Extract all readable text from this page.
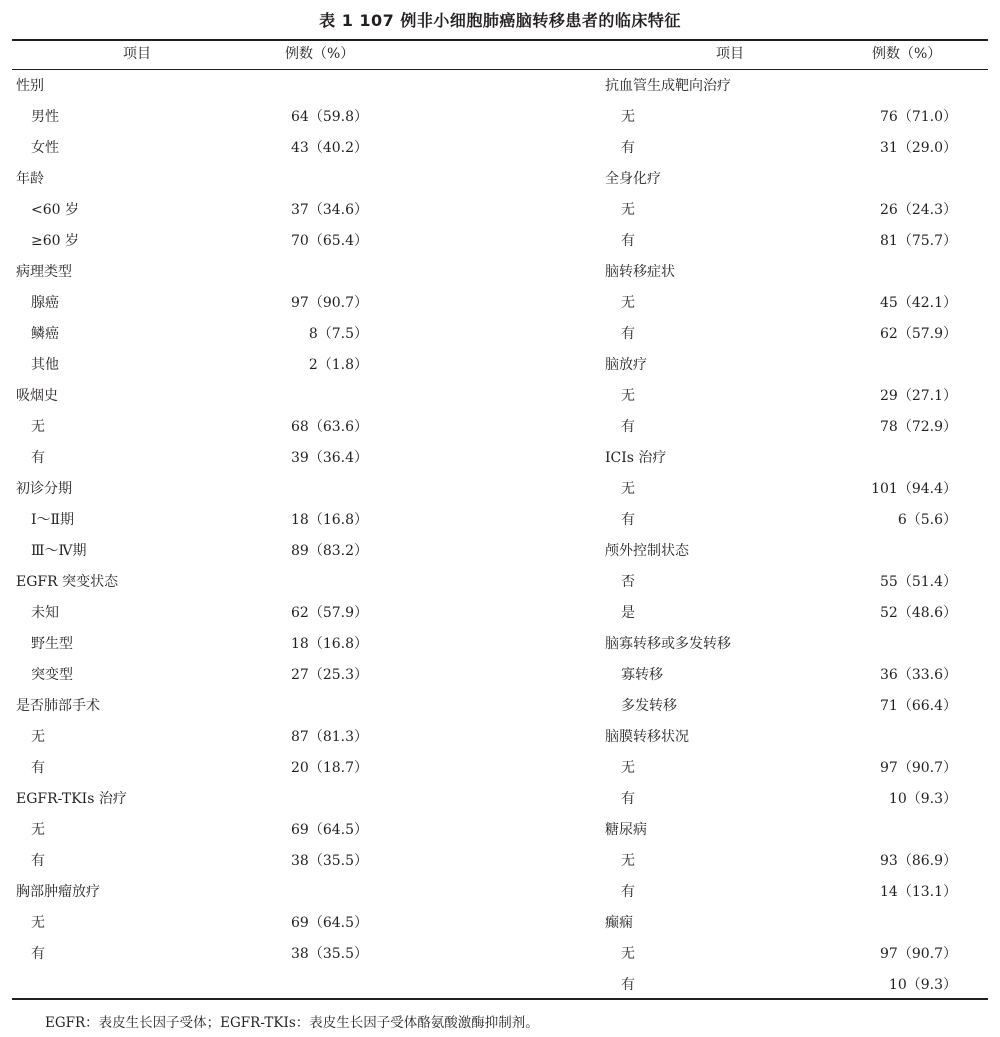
表 1 107 例非小细胞肺癌脑转移患者的临床特征
项目	例数（%）	项目	例数（%）
性别
男性	64（59.8）
女性	43（40.2）
年龄
<60 岁	37（34.6）
≥60 岁	70（65.4）
病理类型
腺癌	97（90.7）
鳞癌	8（7.5）
其他	2（1.8）
吸烟史
无	68（63.6）
有	39（36.4）
初诊分期
Ⅰ～Ⅱ期	18（16.8）
Ⅲ～Ⅳ期	89（83.2）
EGFR 突变状态
未知	62（57.9）
野生型	18（16.8）
突变型	27（25.3）
是否肺部手术
无	87（81.3）
有	20（18.7）
EGFR-TKIs 治疗
无	69（64.5）
有	38（35.5）
胸部肿瘤放疗
无	69（64.5）
有	38（35.5）
抗血管生成靶向治疗
无	76（71.0）
有	31（29.0）
全身化疗
无	26（24.3）
有	81（75.7）
脑转移症状
无	45（42.1）
有	62（57.9）
脑放疗
无	29（27.1）
有	78（72.9）
ICIs 治疗
无	101（94.4）
有	6（5.6）
颅外控制状态
否	55（51.4）
是	52（48.6）
脑寡转移或多发转移
寡转移	36（33.6）
多发转移	71（66.4）
脑膜转移状况
无	97（90.7）
有	10（9.3）
糖尿病
无	93（86.9）
有	14（13.1）
癫痫
无	97（90.7）
有	10（9.3）
EGFR：表皮生长因子受体；EGFR-TKIs：表皮生长因子受体酪氨酸激酶抑制剂。
